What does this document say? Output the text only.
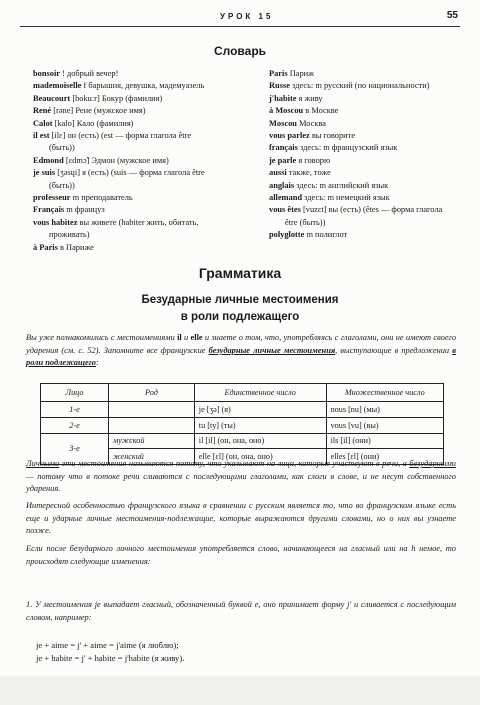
УРОК 15	55
Словарь
bonsoir ! добрый вечер!
mademoiselle f барышня, девушка, мадемуазель
Beaucourt [bokuːr] Бокур (фамилия)
René [rəne] Рене (мужское имя)
Calot [kalo] Кало (фамилия)
il est [ilɛ] он (есть) (est — форма глагола être
(быть))
Edmond [ɛdmɔ̃] Эдмон (мужское имя)
je suis [ʒəsɥi] я (есть) (suis — форма глагола être
(быть))
professeur m преподаватель
Français m француз
vous habitez вы живете (habiter жить, обитать,
проживать)
à Paris в Париже
Paris Париж
Russe здесь: m русский (по национальности)
j'habite я живу
à Moscou в Москве
Moscou Москва
vous parlez вы говорите
français здесь: m французский язык
je parle я говорю
aussi также, тоже
anglais здесь: m английский язык
allemand здесь: m немецкий язык
vous êtes [vuzɛt] вы (есть) (êtes — форма глагола
être (быть))
polyglotte m полиглот
Грамматика
Безударные личные местоимения
в роли подлежащего
Вы уже познакомились с местоимениями il и elle и знаете о том, что, употребляясь с глаголами, они не имеют своего ударения (см. с. 52). Запомните все французские безударные личные местоимения, выступающие в предложении в роли подлежащего:
Лицо	Род	Единственное число	Множественное число
1-е		je [ʒə] (я)	nous [nu] (мы)
2-е		tu [ty] (ты)	vous [vu] (вы)
3-е	мужской	il [il] (он, она, оно)	ils [il] (они)
	женский	elle [ɛl] (он, она, оно)	elles [ɛl] (они)
Личными эти местоимения называются потому, что указывают на лица, которые участвуют в речи, а безударными — потому что в потоке речи сливаются с последующими глаголами, как слоги в слове, и не несут собственного ударения.
Интересной особенностью французского языка в сравнении с русским является то, что во французском языке есть еще и ударные личные местоимения-подлежащие, которые выражаются другими словами, но о них вы узнаете позже.
Если после безударного личного местоимения употребляется слово, начинающееся на гласный или на h немое, то происходят следующие изменения:
1. У местоимения je выпадает гласный, обозначенный буквой e, оно принимает форму j' и сливается с последующим словом, например:
je + aime = j' + aime = j'aime (я люблю);
je + habite = j' + habite = j'habite (я живу).
